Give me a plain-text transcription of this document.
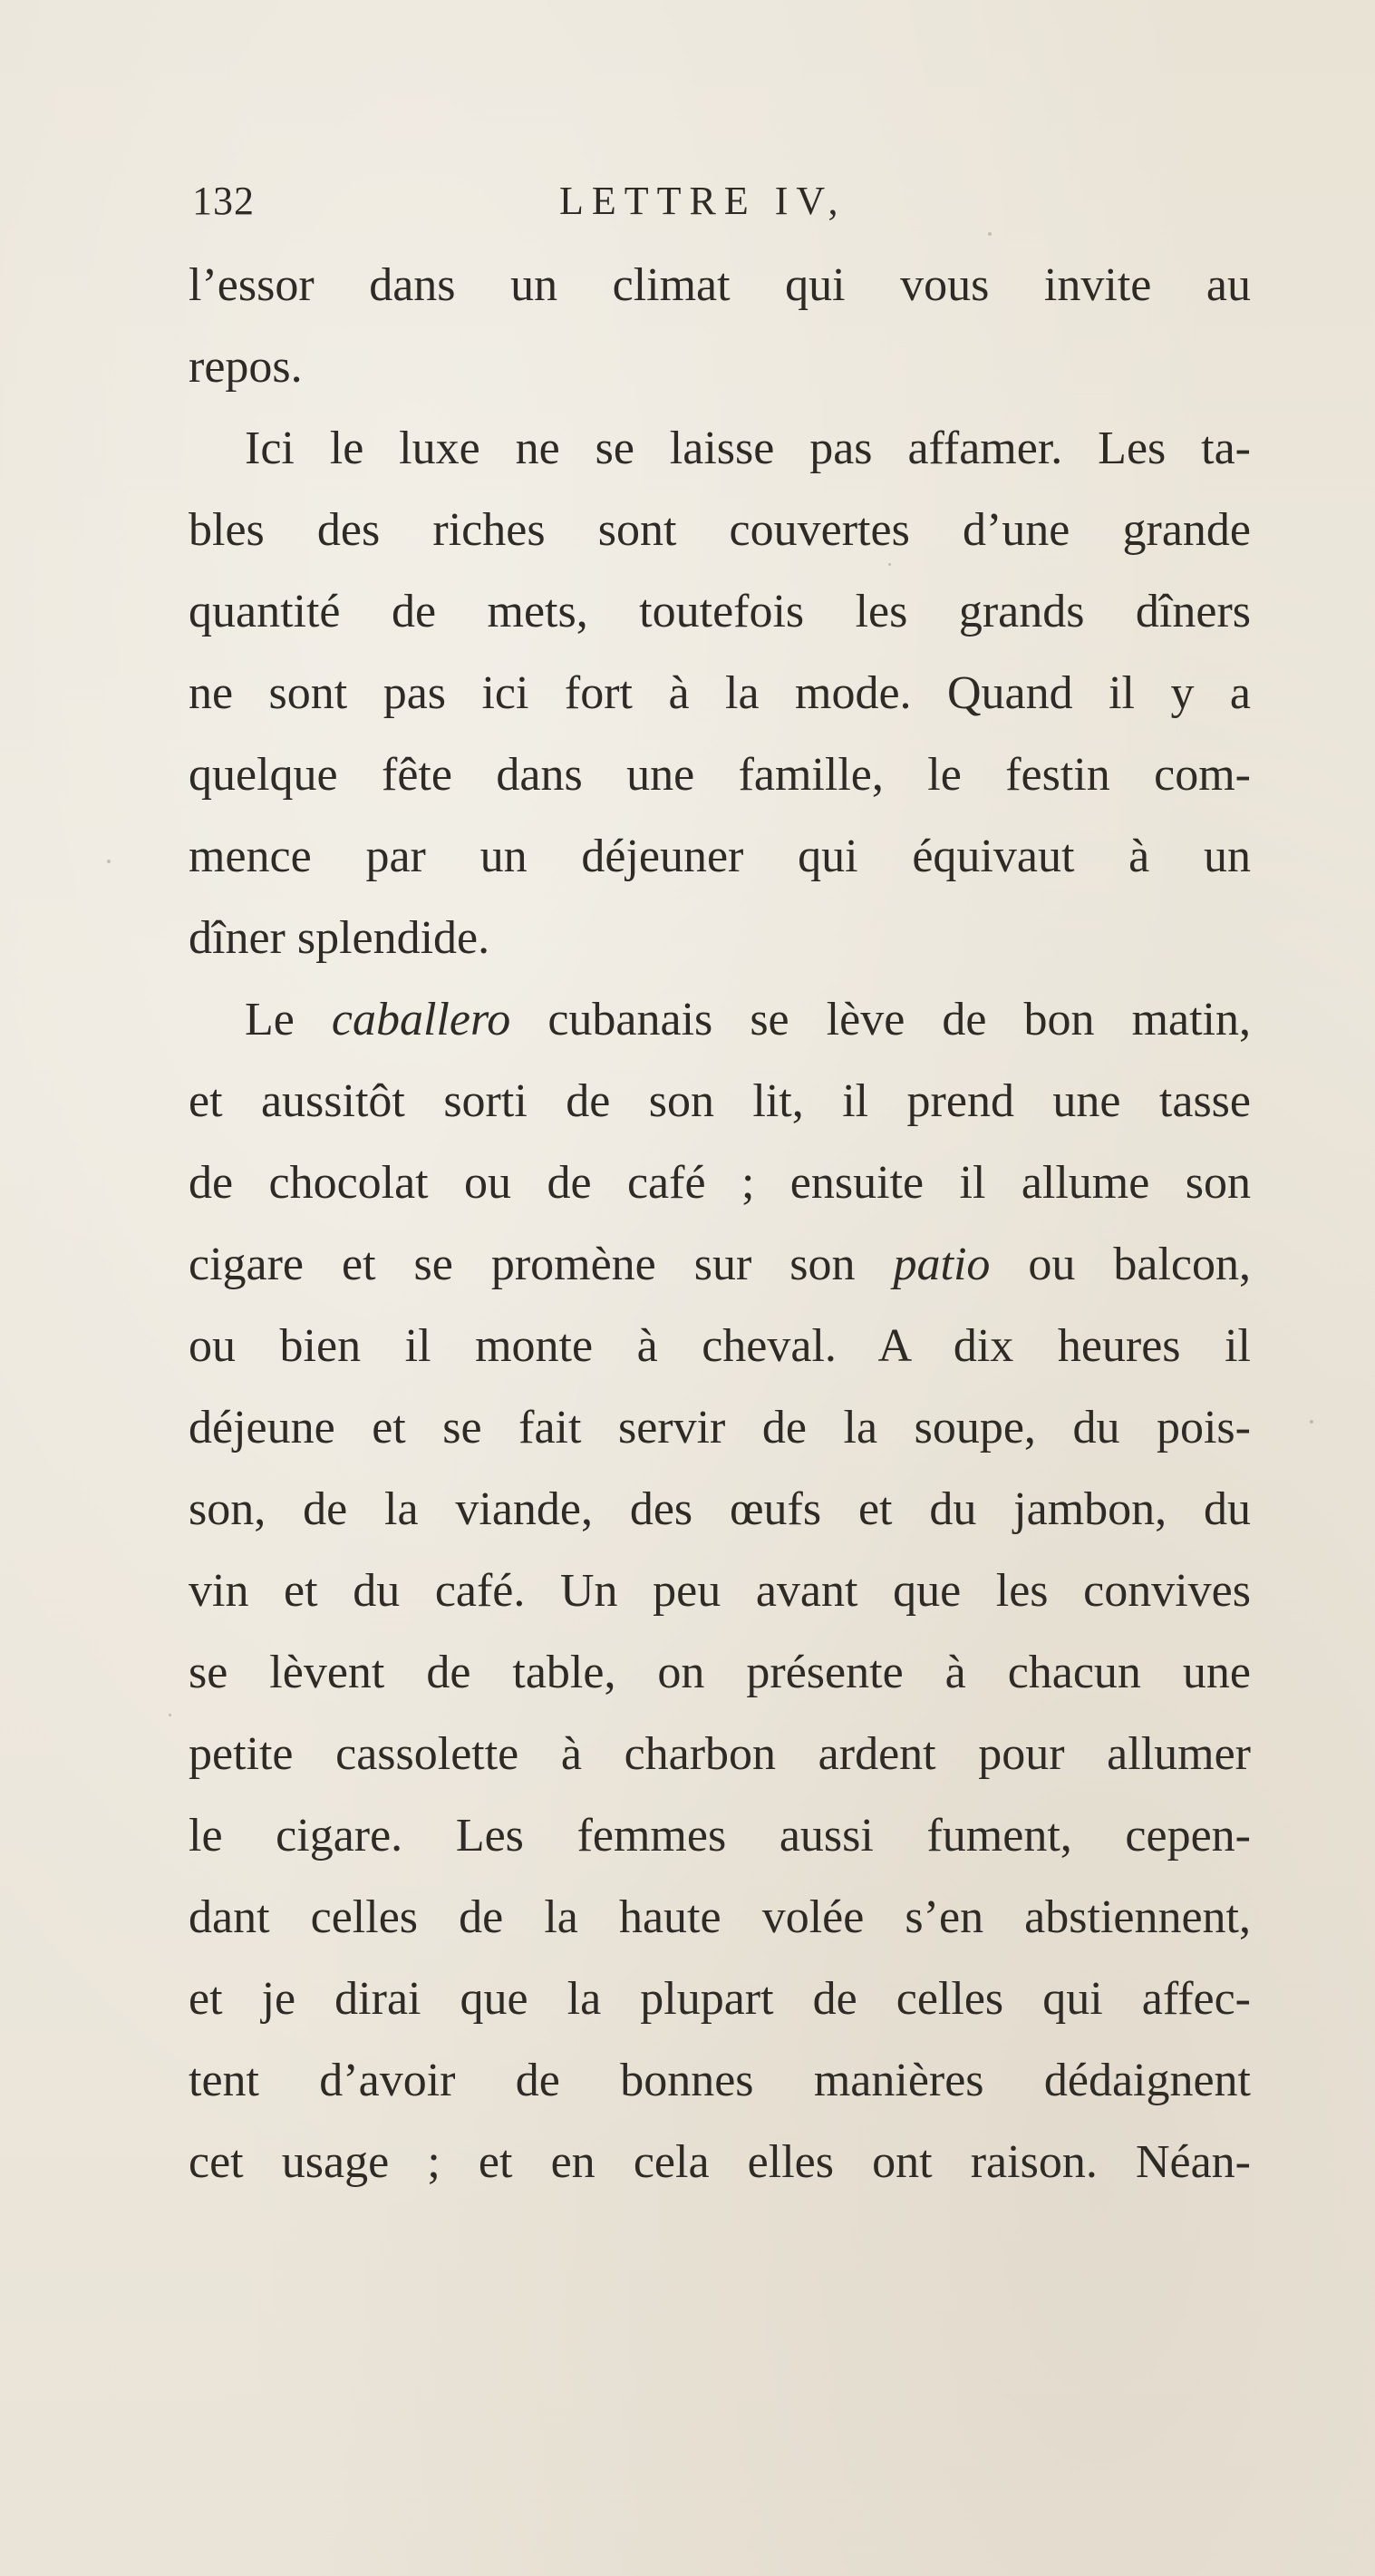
132	LETTRE IV,
l’essor dans un climat qui vous invite au
repos.
Ici le luxe ne se laisse pas affamer. Les ta-
bles des riches sont couvertes d’une grande
quantité de mets, toutefois les grands dîners
ne sont pas ici fort à la mode. Quand il y a
quelque fête dans une famille, le festin com-
mence par un déjeuner qui équivaut à un
dîner splendide.
Le caballero cubanais se lève de bon matin,
et aussitôt sorti de son lit, il prend une tasse
de chocolat ou de café ; ensuite il allume son
cigare et se promène sur son patio ou balcon,
ou bien il monte à cheval. A dix heures il
déjeune et se fait servir de la soupe, du pois-
son, de la viande, des œufs et du jambon, du
vin et du café. Un peu avant que les convives
se lèvent de table, on présente à chacun une
petite cassolette à charbon ardent pour allumer
le cigare. Les femmes aussi fument, cepen-
dant celles de la haute volée s’en abstiennent,
et je dirai que la plupart de celles qui affec-
tent d’avoir de bonnes manières dédaignent
cet usage ; et en cela elles ont raison. Néan-
